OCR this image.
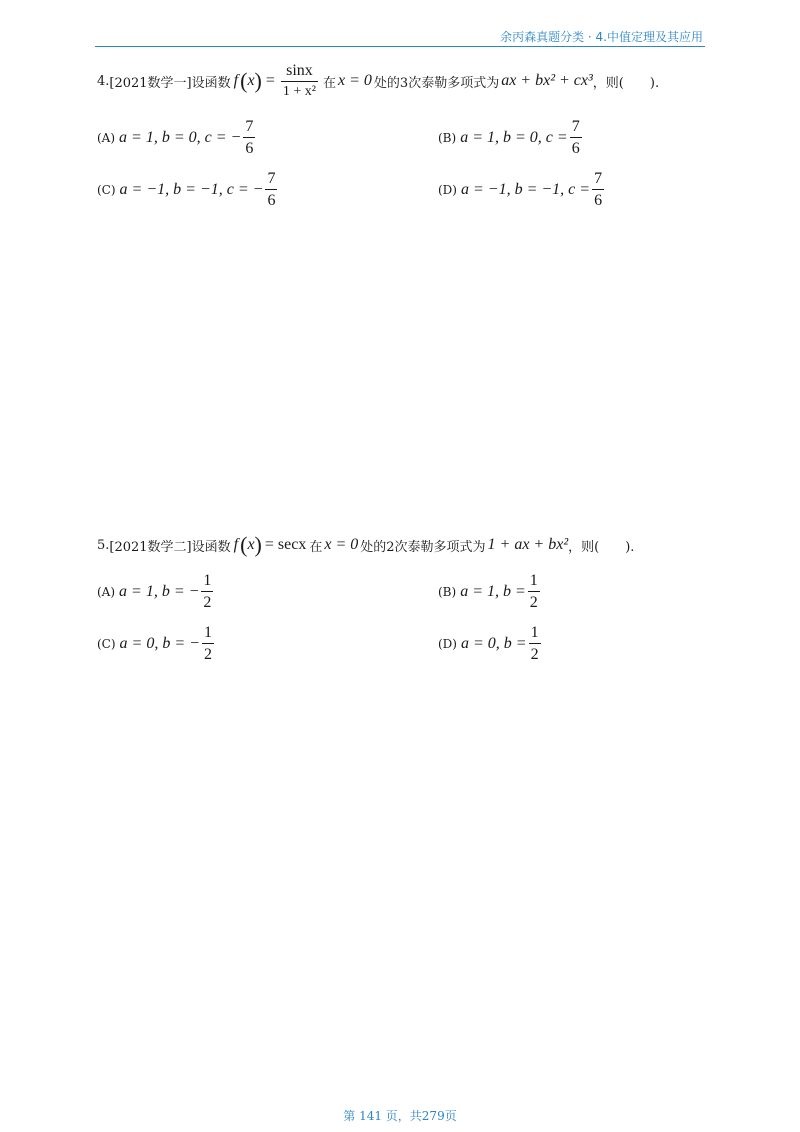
余丙森真题分类 · 4.中值定理及其应用
4. [2021数学一] 设函数 f ( x ) = $\frac{\sin x}{\text{1 + x²}}$ 在 x = 0 处的3次泰勒多项式为 ax + bx² + cx³ ，则(　　).
(A) a = 1, b = 0, c = − $\frac{7}{6}$	(B) a = 1, b = 0, $c = \frac{7}{6}$
(C) a = −1, b = −1, c = − $\frac{7}{6}$	(D) a = −1, b = −1, $c = \frac{7}{6}$
5. [2021数学二] 设函数 f ( x ) = secx 在 x = 0 处的2次泰勒多项式为 1 + ax + bx² ，则(　　).
(A) a = 1, b = − $\frac{1}{2}$	(B) a = 1, $b = \frac{1}{2}$
(C) a = 0, b = − $\frac{1}{2}$	(D) a = 0, $b = \frac{1}{2}$
第 141 页，共279页
